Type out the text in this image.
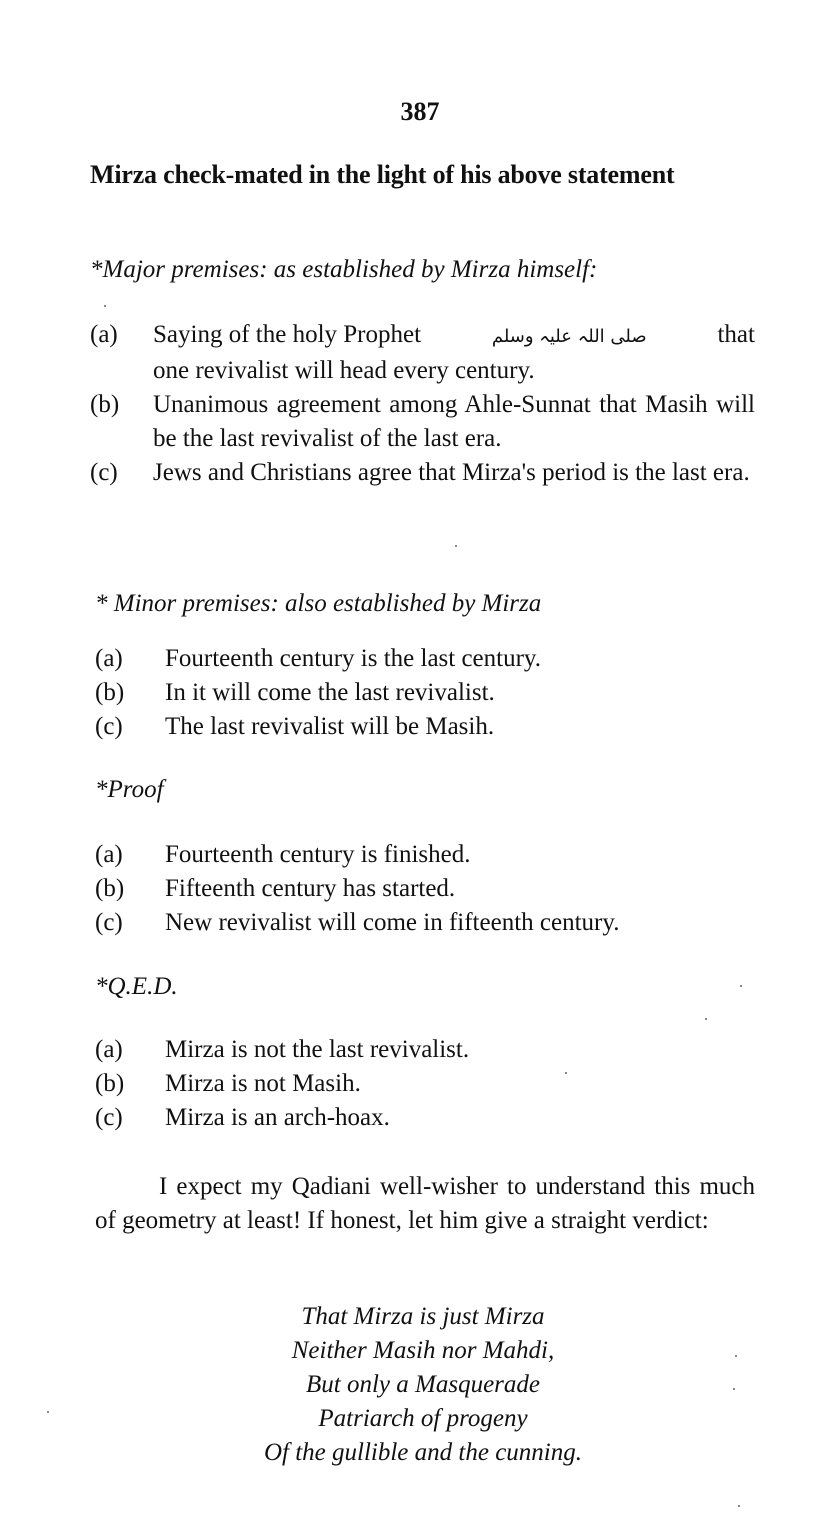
387
Mirza check-mated in the light of his above statement
*Major premises: as established by Mirza himself:
(a)	Saying of the holy Prophet	صلی اللہ علیہ وسلم	that
one revivalist will head every century.
(b)	Unanimous agreement among Ahle-Sunnat that Masih will be the last revivalist of the last era.
(c)	Jews and Christians agree that Mirza's period is the last era.
* Minor premises: also established by Mirza
(a)	Fourteenth century is the last century.
(b)	In it will come the last revivalist.
(c)	The last revivalist will be Masih.
*Proof
(a)	Fourteenth century is finished.
(b)	Fifteenth century has started.
(c)	New revivalist will come in fifteenth century.
*Q.E.D.
(a)	Mirza is not the last revivalist.
(b)	Mirza is not Masih.
(c)	Mirza is an arch-hoax.
I expect my Qadiani well-wisher to understand this much of geometry at least! If honest, let him give a straight verdict:
That Mirza is just Mirza
Neither Masih nor Mahdi,
But only a Masquerade
Patriarch of progeny
Of the gullible and the cunning.
